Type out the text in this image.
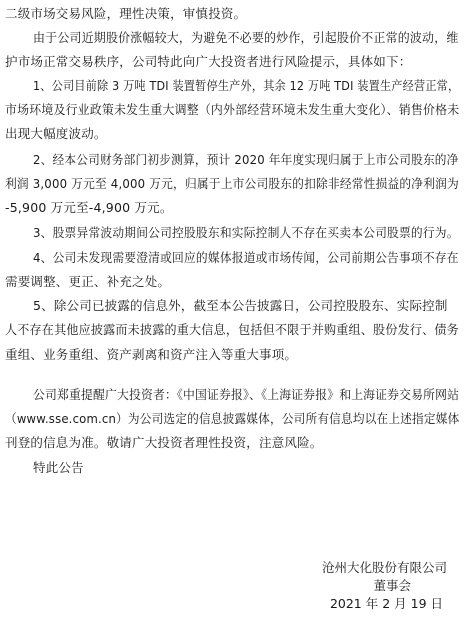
二级市场交易风险，理性决策，审慎投资。
由于公司近期股价涨幅较大，为避免不必要的炒作，引起股价不正常的波动，维
护市场正常交易秩序，公司特此向广大投资者进行风险提示，具体如下：
1、公司目前除 3 万吨 TDI 装置暂停生产外，其余 12 万吨 TDI 装置生产经营正常，
市场环境及行业政策未发生重大调整（内外部经营环境未发生重大变化）、销售价格未
出现大幅度波动。
2、经本公司财务部门初步测算，预计 2020 年年度实现归属于上市公司股东的净
利润 3,000 万元至 4,000 万元，归属于上市公司股东的扣除非经常性损益的净利润为
-5,900 万元至-4,900 万元。
3、股票异常波动期间公司控股股东和实际控制人不存在买卖本公司股票的行为。
4、公司未发现需要澄清或回应的媒体报道或市场传闻，公司前期公告事项不存在
需要调整、更正、补充之处。
5、除公司已披露的信息外，截至本公告披露日，公司控股股东、实际控制
人不存在其他应披露而未披露的重大信息，包括但不限于并购重组、股份发行、债务
重组、业务重组、资产剥离和资产注入等重大事项。
公司郑重提醒广大投资者：《中国证券报》、《上海证券报》和上海证券交易所网站
（www.sse.com.cn）为公司选定的信息披露媒体，公司所有信息均以在上述指定媒体
刊登的信息为准。敬请广大投资者理性投资，注意风险。
特此公告
沧州大化股份有限公司
董事会
2021 年 2 月 19 日
